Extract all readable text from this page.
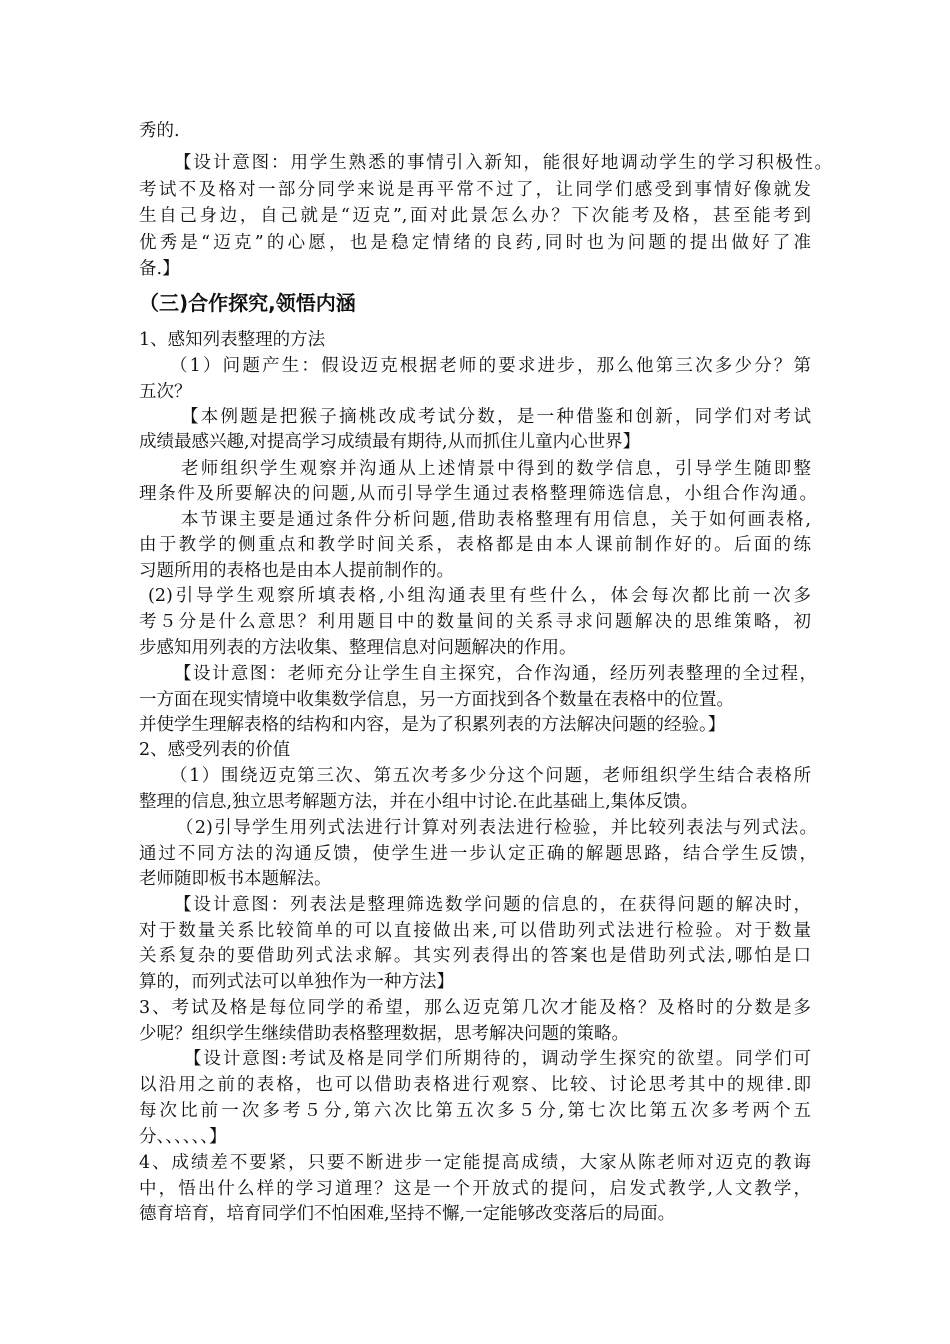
秀的.

【设计意图：用学生熟悉的事情引入新知，能很好地调动学生的学习积极性。

考试不及格对一部分同学来说是再平常不过了，让同学们感受到事情好像就发

生自己身边，自己就是“迈克”,面对此景怎么办？下次能考及格，甚至能考到

优秀是“迈克”的心愿，也是稳定情绪的良药,同时也为问题的提出做好了准

备.】

（三)合作探究,领悟内涵

1、感知列表整理的方法

（1）问题产生：假设迈克根据老师的要求进步，那么他第三次多少分？第

五次？

【本例题是把猴子摘桃改成考试分数，是一种借鉴和创新，同学们对考试

成绩最感兴趣,对提高学习成绩最有期待,从而抓住儿童内心世界】

老师组织学生观察并沟通从上述情景中得到的数学信息，引导学生随即整

理条件及所要解决的问题,从而引导学生通过表格整理筛选信息，小组合作沟通。

本节课主要是通过条件分析问题,借助表格整理有用信息，关于如何画表格,

由于教学的侧重点和教学时间关系，表格都是由本人课前制作好的。后面的练

习题所用的表格也是由本人提前制作的。

(2)引导学生观察所填表格,小组沟通表里有些什么，体会每次都比前一次多

考５分是什么意思？利用题目中的数量间的关系寻求问题解决的思维策略，初

步感知用列表的方法收集、整理信息对问题解决的作用。

【设计意图：老师充分让学生自主探究，合作沟通，经历列表整理的全过程，

一方面在现实情境中收集数学信息，另一方面找到各个数量在表格中的位置。

并使学生理解表格的结构和内容，是为了积累列表的方法解决问题的经验。】

2、感受列表的价值

（1）围绕迈克第三次、第五次考多少分这个问题，老师组织学生结合表格所

整理的信息,独立思考解题方法，并在小组中讨论.在此基础上,集体反馈。

（2)引导学生用列式法进行计算对列表法进行检验，并比较列表法与列式法。

通过不同方法的沟通反馈，使学生进一步认定正确的解题思路，结合学生反馈，

老师随即板书本题解法。

【设计意图：列表法是整理筛选数学问题的信息的，在获得问题的解决时，

对于数量关系比较简单的可以直接做出来,可以借助列式法进行检验。对于数量

关系复杂的要借助列式法求解。其实列表得出的答案也是借助列式法,哪怕是口

算的，而列式法可以单独作为一种方法】

3、考试及格是每位同学的希望，那么迈克第几次才能及格？及格时的分数是多

少呢？组织学生继续借助表格整理数据，思考解决问题的策略。

【设计意图:考试及格是同学们所期待的，调动学生探究的欲望。同学们可

以沿用之前的表格，也可以借助表格进行观察、比较、讨论思考其中的规律.即

每次比前一次多考５分,第六次比第五次多５分,第七次比第五次多考两个五

分、、、、、、】

4、成绩差不要紧，只要不断进步一定能提高成绩，大家从陈老师对迈克的教诲

中，悟出什么样的学习道理？这是一个开放式的提问，启发式教学,人文教学，

德育培育，培育同学们不怕困难,坚持不懈,一定能够改变落后的局面。
